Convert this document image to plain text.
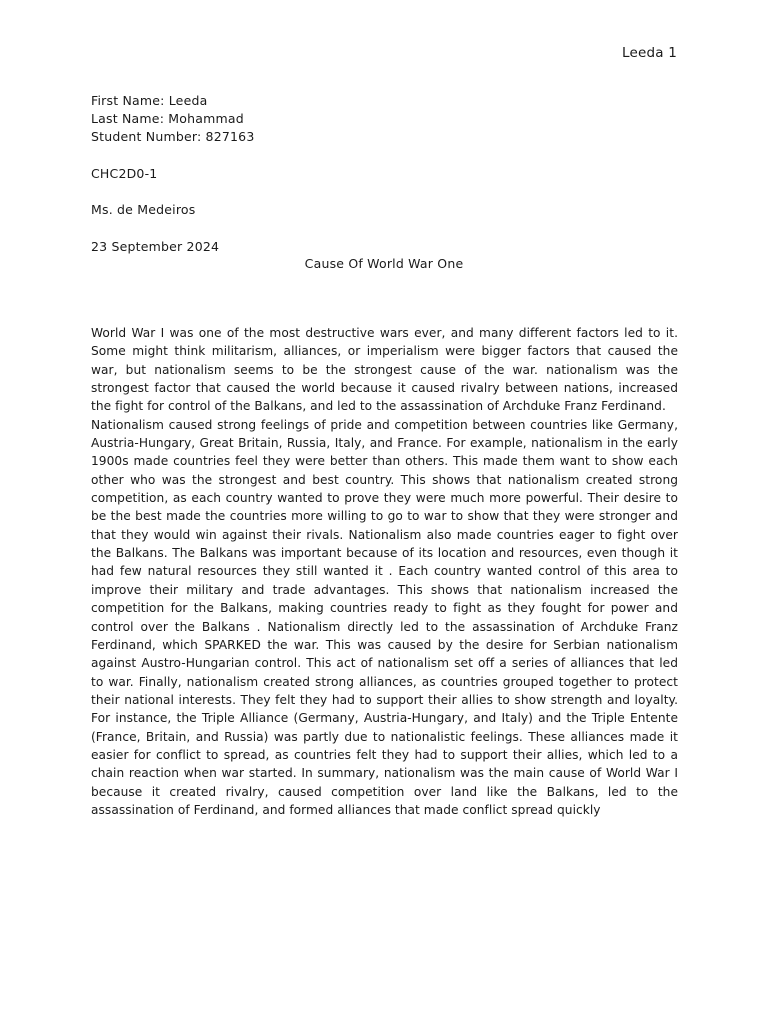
Leeda 1
First Name: Leeda
Last Name: Mohammad
Student Number: 827163
CHC2D0-1
Ms. de Medeiros
23 September 2024
Cause Of World War One

World War I was one of the most destructive wars ever, and many different factors led to it. Some might think militarism, alliances, or imperialism were bigger factors that caused the war, but nationalism seems to be the strongest cause of the war. nationalism was the strongest factor that caused the world because it caused rivalry between nations, increased the fight for control of the Balkans, and led to the assassination of Archduke Franz Ferdinand.

Nationalism caused strong feelings of pride and competition between countries like Germany, Austria-Hungary, Great Britain, Russia, Italy, and France. For example, nationalism in the early 1900s made countries feel they were better than others. This made them want to show each other who was the strongest and best country. This shows that nationalism created strong competition, as each country wanted to prove they were much more powerful. Their desire to be the best made the countries more willing to go to war to show that they were stronger and that they would win against their rivals. Nationalism also made countries eager to fight over the Balkans. The Balkans was important because of its location and resources, even though it had few natural resources they still wanted it . Each country wanted control of this area to improve their military and trade advantages. This shows that nationalism increased the competition for the Balkans, making countries ready to fight as they fought for power and control over the Balkans . Nationalism directly led to the assassination of Archduke Franz Ferdinand, which SPARKED the war. This was caused by the desire for Serbian nationalism against Austro-Hungarian control. This act of nationalism set off a series of alliances that led to war. Finally, nationalism created strong alliances, as countries grouped together to protect their national interests. They felt they had to support their allies to show strength and loyalty. For instance, the Triple Alliance (Germany, Austria-Hungary, and Italy) and the Triple Entente (France, Britain, and Russia) was partly due to nationalistic feelings. These alliances made it easier for conflict to spread, as countries felt they had to support their allies, which led to a chain reaction when war started. In summary, nationalism was the main cause of World War I because it created rivalry, caused competition over land like the Balkans, led to the assassination of Ferdinand, and formed alliances that made conflict spread quickly
